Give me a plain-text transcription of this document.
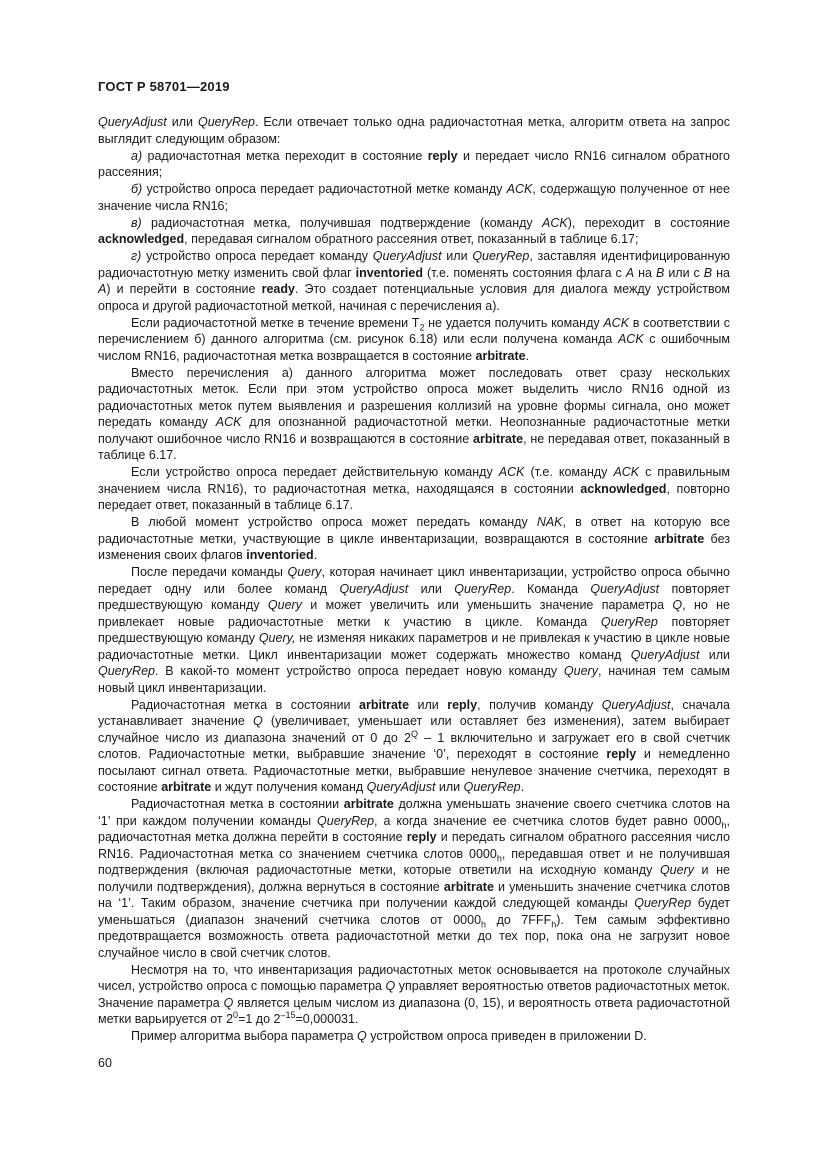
ГОСТ Р 58701—2019

QueryAdjust или QueryRep. Если отвечает только одна радиочастотная метка, алгоритм ответа на запрос выглядит следующим образом:

а) радиочастотная метка переходит в состояние reply и передает число RN16 сигналом обратного рассеяния;

б) устройство опроса передает радиочастотной метке команду ACK, содержащую полученное от нее значение числа RN16;

в) радиочастотная метка, получившая подтверждение (команду ACK), переходит в состояние acknowledged, передавая сигналом обратного рассеяния ответ, показанный в таблице 6.17;

г) устройство опроса передает команду QueryAdjust или QueryRep, заставляя идентифицированную радиочастотную метку изменить свой флаг inventoried (т.е. поменять состояния флага с A на B или с B на A) и перейти в состояние ready. Это создает потенциальные условия для диалога между устройством опроса и другой радиочастотной меткой, начиная с перечисления а).

Если радиочастотной метке в течение времени $T_2$ не удается получить команду ACK в соответствии с перечислением б) данного алгоритма (см. рисунок 6.18) или если получена команда ACK с ошибочным числом RN16, радиочастотная метка возвращается в состояние arbitrate.

Вместо перечисления а) данного алгоритма может последовать ответ сразу нескольких радиочастотных меток. Если при этом устройство опроса может выделить число RN16 одной из радиочастотных меток путем выявления и разрешения коллизий на уровне формы сигнала, оно может передать команду ACK для опознанной радиочастотной метки. Неопознанные радиочастотные метки получают ошибочное число RN16 и возвращаются в состояние arbitrate, не передавая ответ, показанный в таблице 6.17.

Если устройство опроса передает действительную команду ACK (т.е. команду ACK с правильным значением числа RN16), то радиочастотная метка, находящаяся в состоянии acknowledged, повторно передает ответ, показанный в таблице 6.17.

В любой момент устройство опроса может передать команду NAK, в ответ на которую все радиочастотные метки, участвующие в цикле инвентаризации, возвращаются в состояние arbitrate без изменения своих флагов inventoried.

После передачи команды Query, которая начинает цикл инвентаризации, устройство опроса обычно передает одну или более команд QueryAdjust или QueryRep. Команда QueryAdjust повторяет предшествующую команду Query и может увеличить или уменьшить значение параметра Q, но не привлекает новые радиочастотные метки к участию в цикле. Команда QueryRep повторяет предшествующую команду Query, не изменяя никаких параметров и не привлекая к участию в цикле новые радиочастотные метки. Цикл инвентаризации может содержать множество команд QueryAdjust или QueryRep. В какой-то момент устройство опроса передает новую команду Query, начиная тем самым новый цикл инвентаризации.

Радиочастотная метка в состоянии arbitrate или reply, получив команду QueryAdjust, сначала устанавливает значение Q (увеличивает, уменьшает или оставляет без изменения), затем выбирает случайное число из диапазона значений от 0 до $2^Q - 1$ включительно и загружает его в свой счетчик слотов. Радиочастотные метки, выбравшие значение ‘0’, переходят в состояние reply и немедленно посылают сигнал ответа. Радиочастотные метки, выбравшие ненулевое значение счетчика, переходят в состояние arbitrate и ждут получения команд QueryAdjust или QueryRep.

Радиочастотная метка в состоянии arbitrate должна уменьшать значение своего счетчика слотов на ‘1’ при каждом получении команды QueryRep, а когда значение ее счетчика слотов будет равно $0000_h$, радиочастотная метка должна перейти в состояние reply и передать сигналом обратного рассеяния число RN16. Радиочастотная метка со значением счетчика слотов $0000_h$, передавшая ответ и не получившая подтверждения (включая радиочастотные метки, которые ответили на исходную команду Query и не получили подтверждения), должна вернуться в состояние arbitrate и уменьшить значение счетчика слотов на ‘1’. Таким образом, значение счетчика при получении каждой следующей команды QueryRep будет уменьшаться (диапазон значений счетчика слотов от $0000_h$ до $7FFF_h$). Тем самым эффективно предотвращается возможность ответа радиочастотной метки до тех пор, пока она не загрузит новое случайное число в свой счетчик слотов.

Несмотря на то, что инвентаризация радиочастотных меток основывается на протоколе случайных чисел, устройство опроса с помощью параметра Q управляет вероятностью ответов радиочастотных меток. Значение параметра Q является целым числом из диапазона (0, 15), и вероятность ответа радиочастотной метки варьируется от $2^0=1$ до $2^{-15}=0,000031$.

Пример алгоритма выбора параметра Q устройством опроса приведен в приложении D.

60
